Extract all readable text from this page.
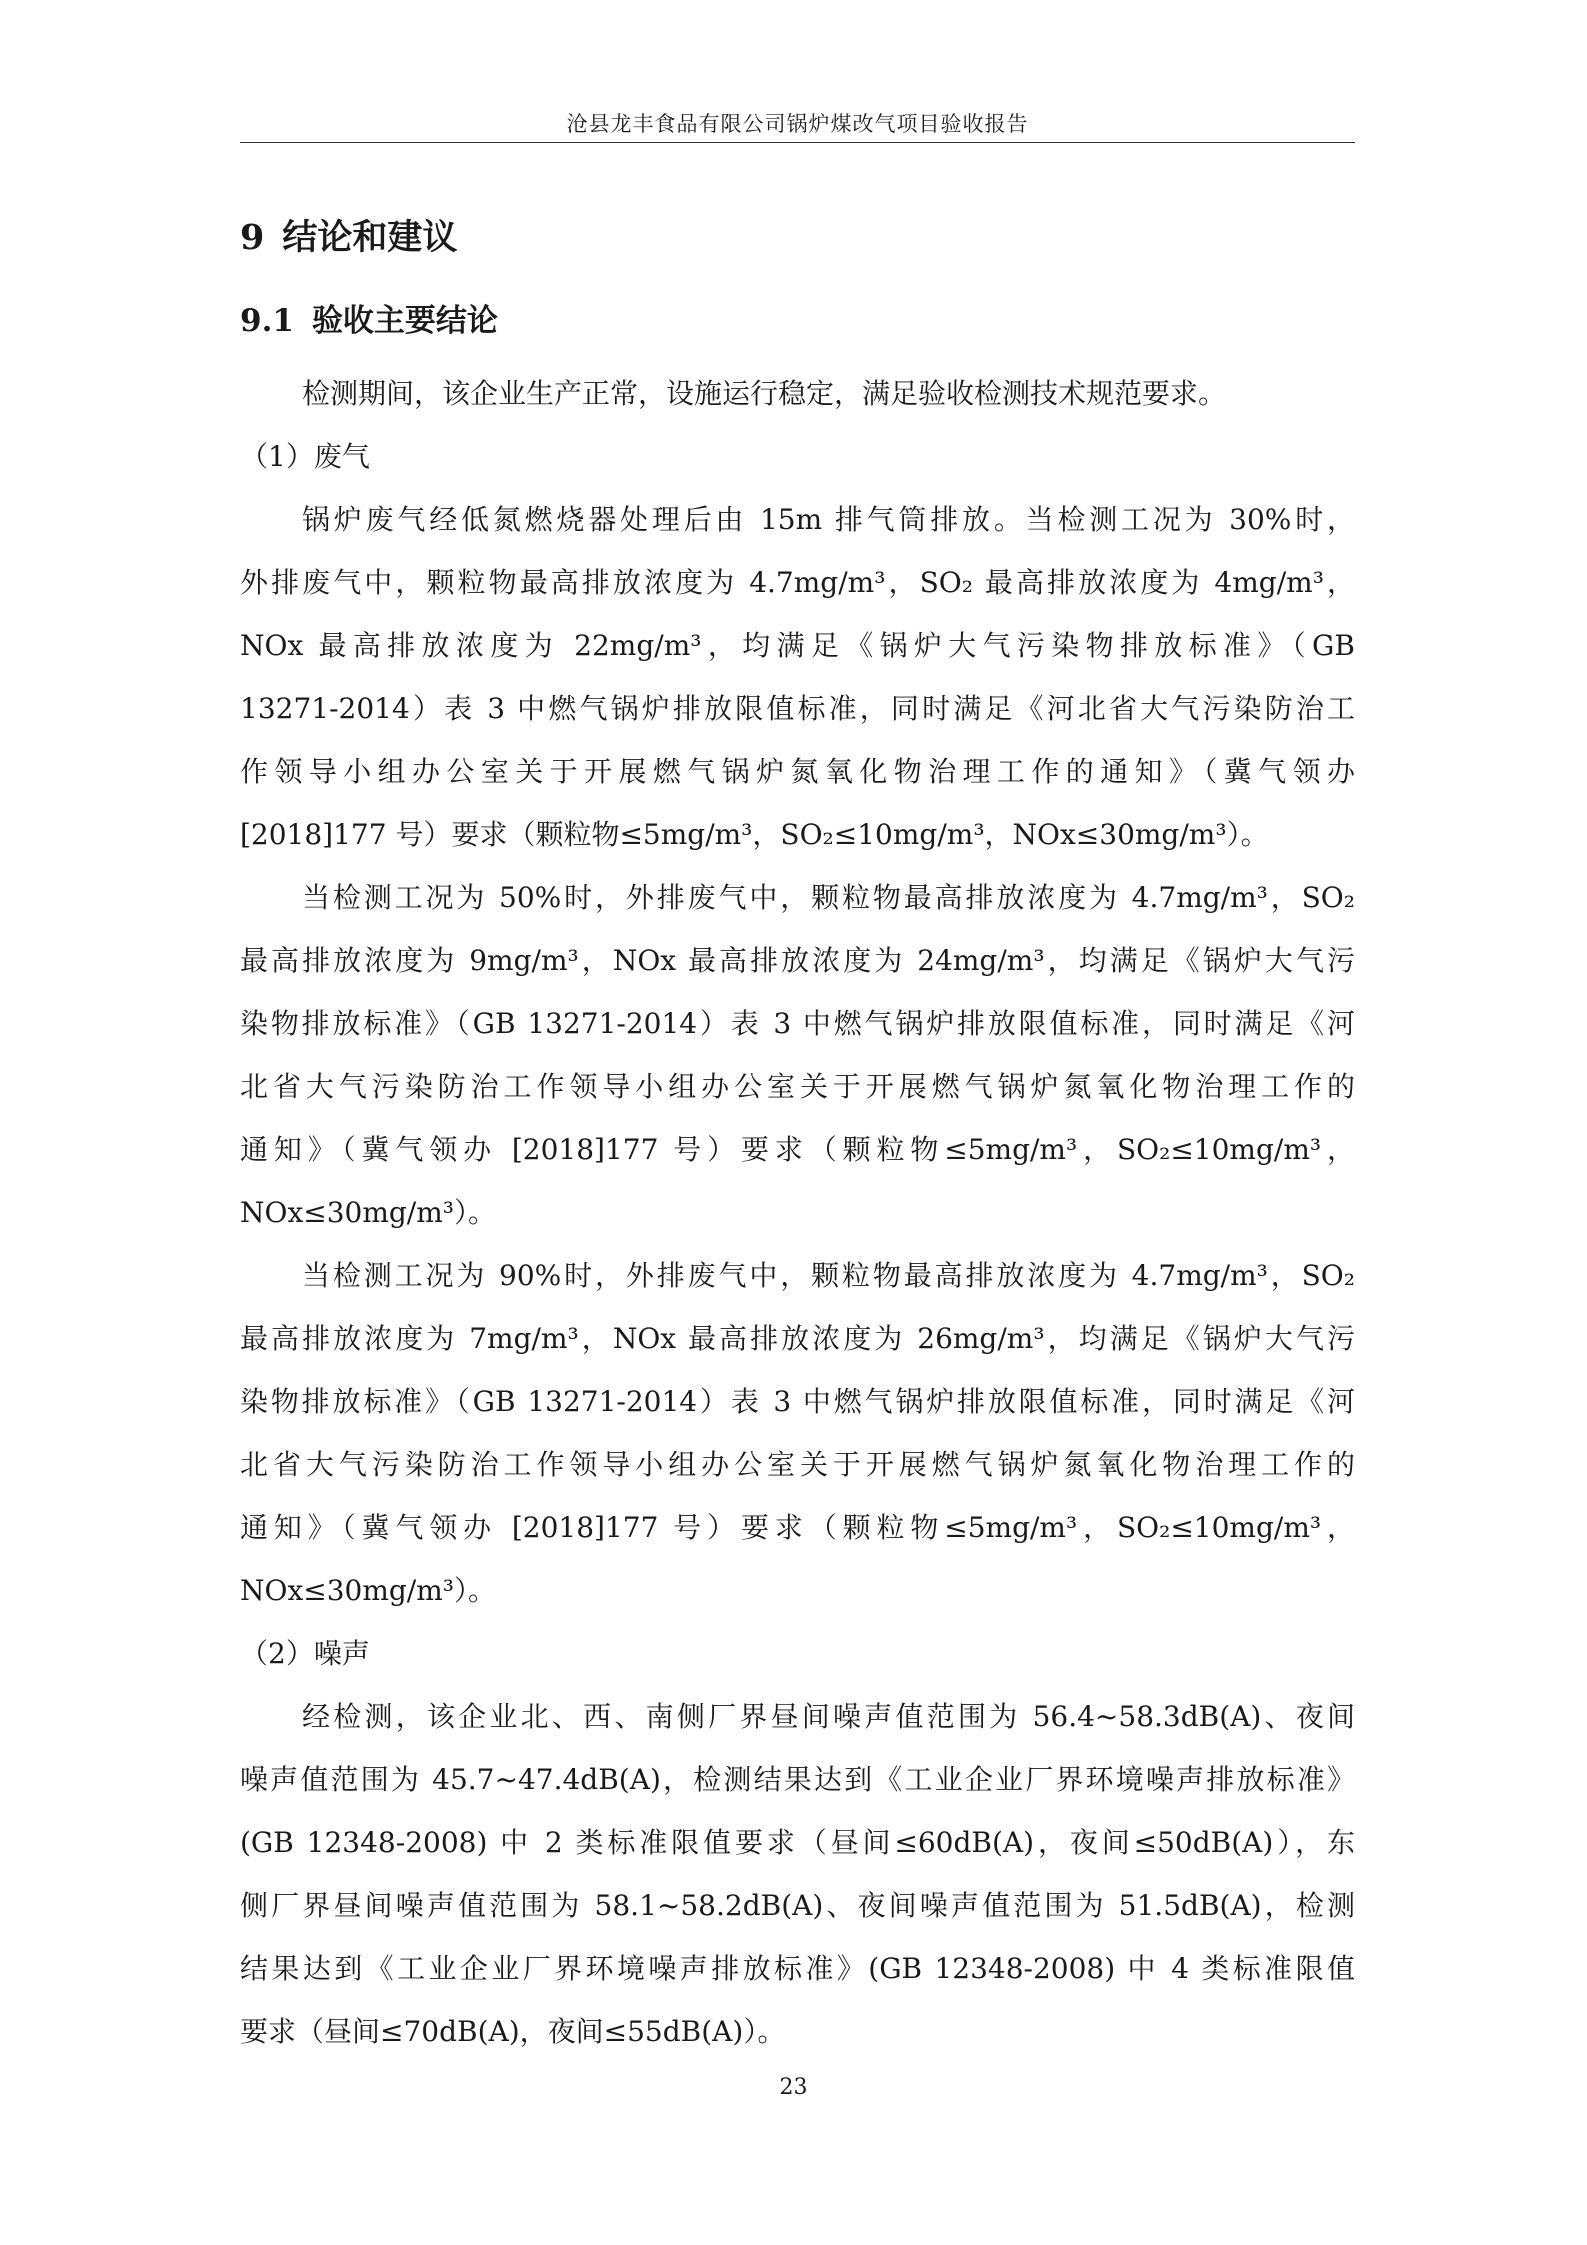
沧县龙丰食品有限公司锅炉煤改气项目验收报告
9 结论和建议
9.1 验收主要结论
检测期间，该企业生产正常，设施运行稳定，满足验收检测技术规范要求。
（1）废气
锅炉废气经低氮燃烧器处理后由 15m 排气筒排放。当检测工况为 30%时，
外排废气中，颗粒物最高排放浓度为 4.7mg/m³，SO₂ 最高排放浓度为 4mg/m³，
NOx 最高排放浓度为 22mg/m³，均满足《锅炉大气污染物排放标准》（GB
13271-2014）表 3 中燃气锅炉排放限值标准，同时满足《河北省大气污染防治工
作领导小组办公室关于开展燃气锅炉氮氧化物治理工作的通知》（冀气领办
[2018]177 号）要求（颗粒物≤5mg/m³，SO₂≤10mg/m³，NOx≤30mg/m³）。
当检测工况为 50%时，外排废气中，颗粒物最高排放浓度为 4.7mg/m³，SO₂
最高排放浓度为 9mg/m³，NOx 最高排放浓度为 24mg/m³，均满足《锅炉大气污
染物排放标准》（GB 13271-2014）表 3 中燃气锅炉排放限值标准，同时满足《河
北省大气污染防治工作领导小组办公室关于开展燃气锅炉氮氧化物治理工作的
通知》（冀气领办 [2018]177 号）要求（颗粒物≤5mg/m³，SO₂≤10mg/m³，
NOx≤30mg/m³）。
当检测工况为 90%时，外排废气中，颗粒物最高排放浓度为 4.7mg/m³，SO₂
最高排放浓度为 7mg/m³，NOx 最高排放浓度为 26mg/m³，均满足《锅炉大气污
染物排放标准》（GB 13271-2014）表 3 中燃气锅炉排放限值标准，同时满足《河
北省大气污染防治工作领导小组办公室关于开展燃气锅炉氮氧化物治理工作的
通知》（冀气领办 [2018]177 号）要求（颗粒物≤5mg/m³，SO₂≤10mg/m³，
NOx≤30mg/m³）。
（2）噪声
经检测，该企业北、西、南侧厂界昼间噪声值范围为 56.4~58.3dB(A)、夜间
噪声值范围为 45.7~47.4dB(A)，检测结果达到《工业企业厂界环境噪声排放标准》
(GB 12348-2008) 中 2 类标准限值要求（昼间≤60dB(A)，夜间≤50dB(A)），东
侧厂界昼间噪声值范围为 58.1~58.2dB(A)、夜间噪声值范围为 51.5dB(A)，检测
结果达到《工业企业厂界环境噪声排放标准》(GB 12348-2008) 中 4 类标准限值
要求（昼间≤70dB(A)，夜间≤55dB(A)）。
23
